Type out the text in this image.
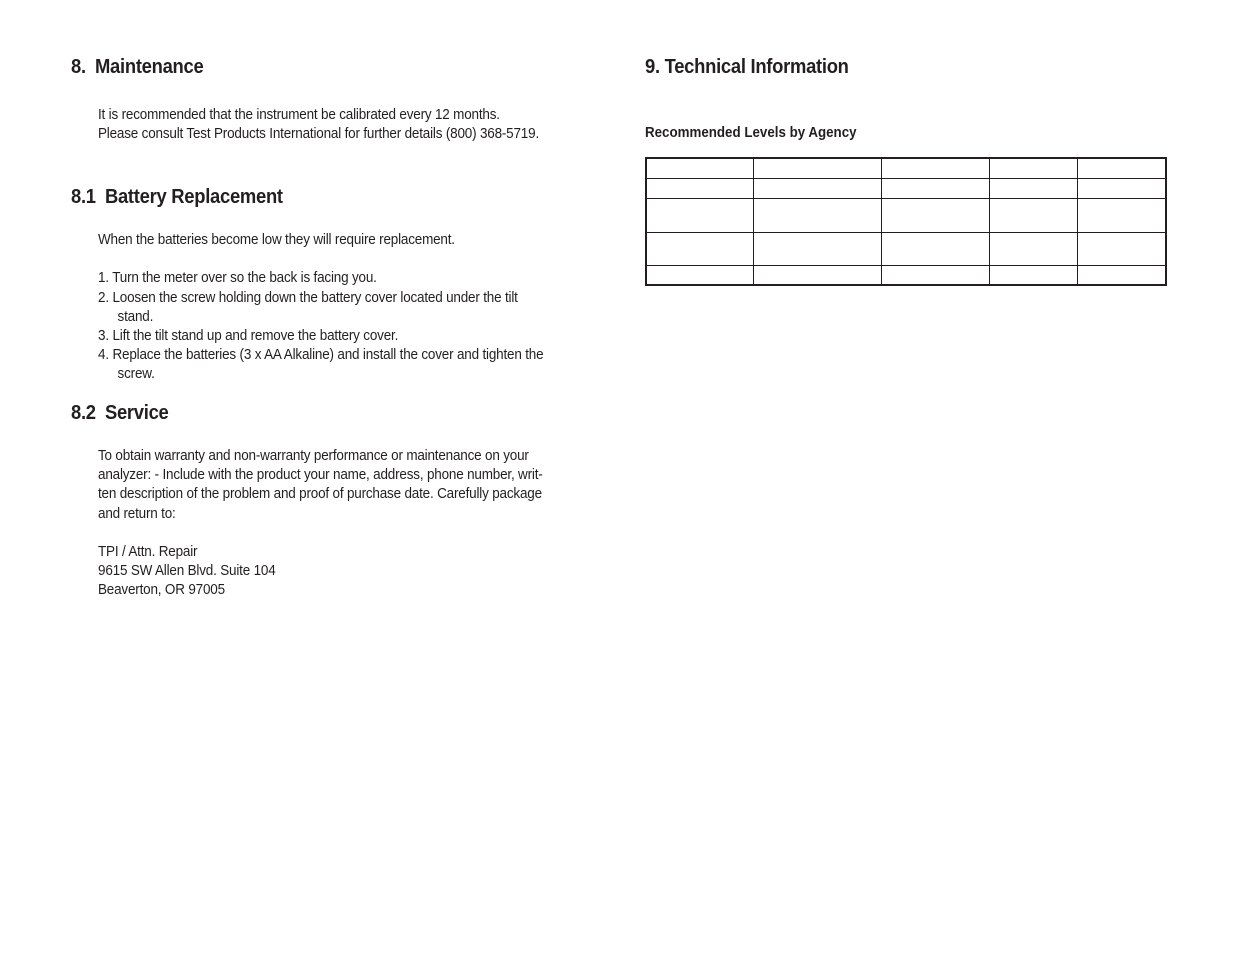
8. Maintenance

It is recommended that the instrument be calibrated every 12 months.

Please consult Test Products International for further details (800) 368-5719.

8.1 Battery Replacement

When the batteries become low they will require replacement.

1. Turn the meter over so the back is facing you.

2. Loosen the screw holding down the battery cover located under the tilt
stand.

3. Lift the tilt stand up and remove the battery cover.

4. Replace the batteries (3 x AA Alkaline) and install the cover and tighten the
screw.

8.2 Service

To obtain warranty and non-warranty performance or maintenance on your

analyzer: - Include with the product your name, address, phone number, writ-

ten description of the problem and proof of purchase date. Carefully package

and return to:

TPI / Attn. Repair

9615 SW Allen Blvd. Suite 104

Beaverton, OR 97005

9. Technical Information
Recommended Levels by Agency
